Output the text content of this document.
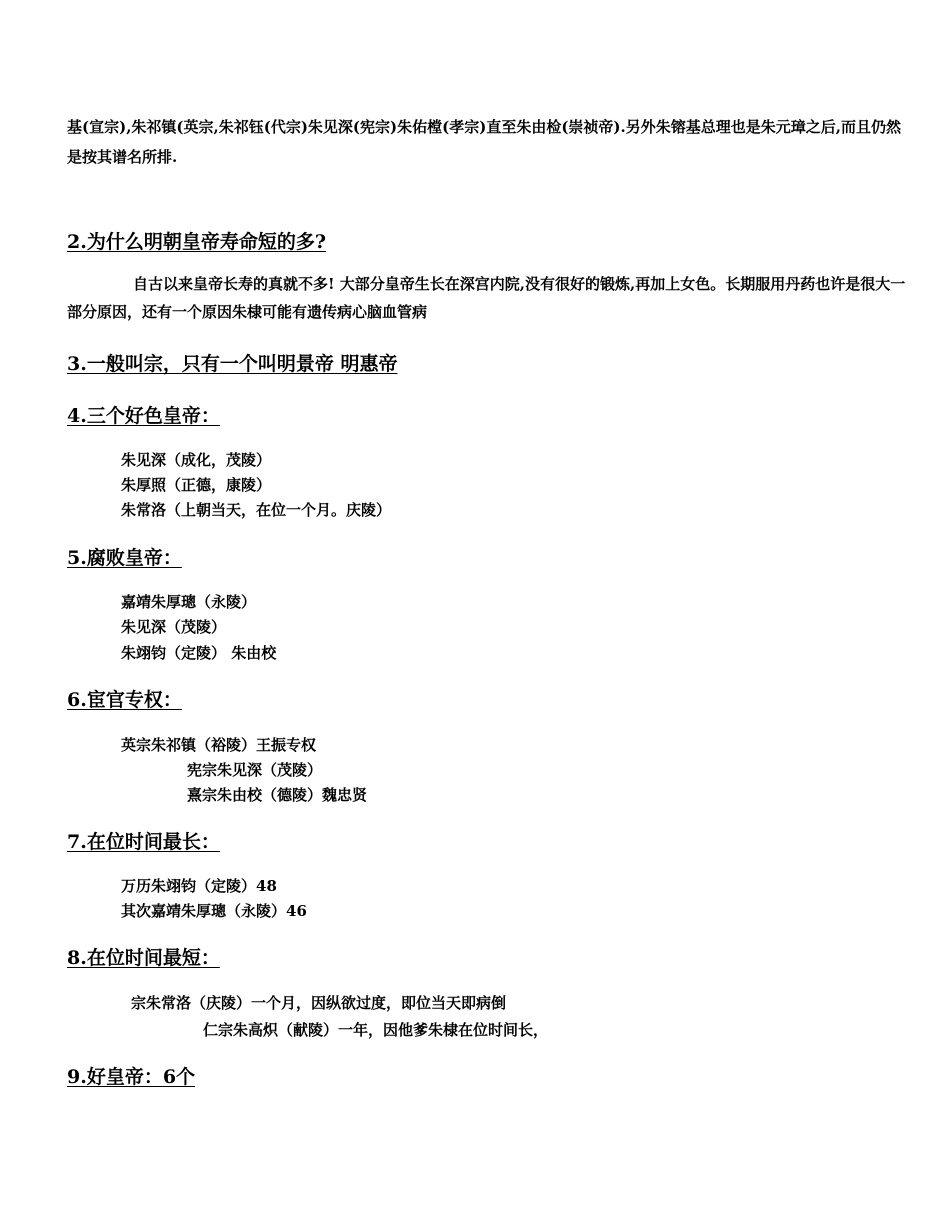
基(宣宗),朱祁镇(英宗,朱祁钰(代宗)朱见深(宪宗)朱佑樘(孝宗)直至朱由检(崇祯帝).另外朱镕基总理也是朱元璋之后,而且仍然是按其谱名所排.

2.为什么明朝皇帝寿命短的多?

自古以来皇帝长寿的真就不多! 大部分皇帝生长在深宫内院,没有很好的锻炼,再加上女色。长期服用丹药也许是很大一部分原因，还有一个原因朱棣可能有遗传病心脑血管病

3.一般叫宗，只有一个叫明景帝 明惠帝
4.三个好色皇帝：

朱见深（成化，茂陵）

朱厚照（正德，康陵）

朱常洛（上朝当天，在位一个月。庆陵）

5.腐败皇帝：

嘉靖朱厚璁（永陵）

朱见深（茂陵）

朱翊钧（定陵） 朱由校

6.宦官专权：

英宗朱祁镇（裕陵）王振专权

宪宗朱见深（茂陵）

熹宗朱由校（德陵）魏忠贤

7.在位时间最长：

万历朱翊钧（定陵）48

其次嘉靖朱厚璁（永陵）46

8.在位时间最短：

宗朱常洛（庆陵）一个月，因纵欲过度，即位当天即病倒

仁宗朱高炽（献陵）一年，因他爹朱棣在位时间长，

9.好皇帝：6个
